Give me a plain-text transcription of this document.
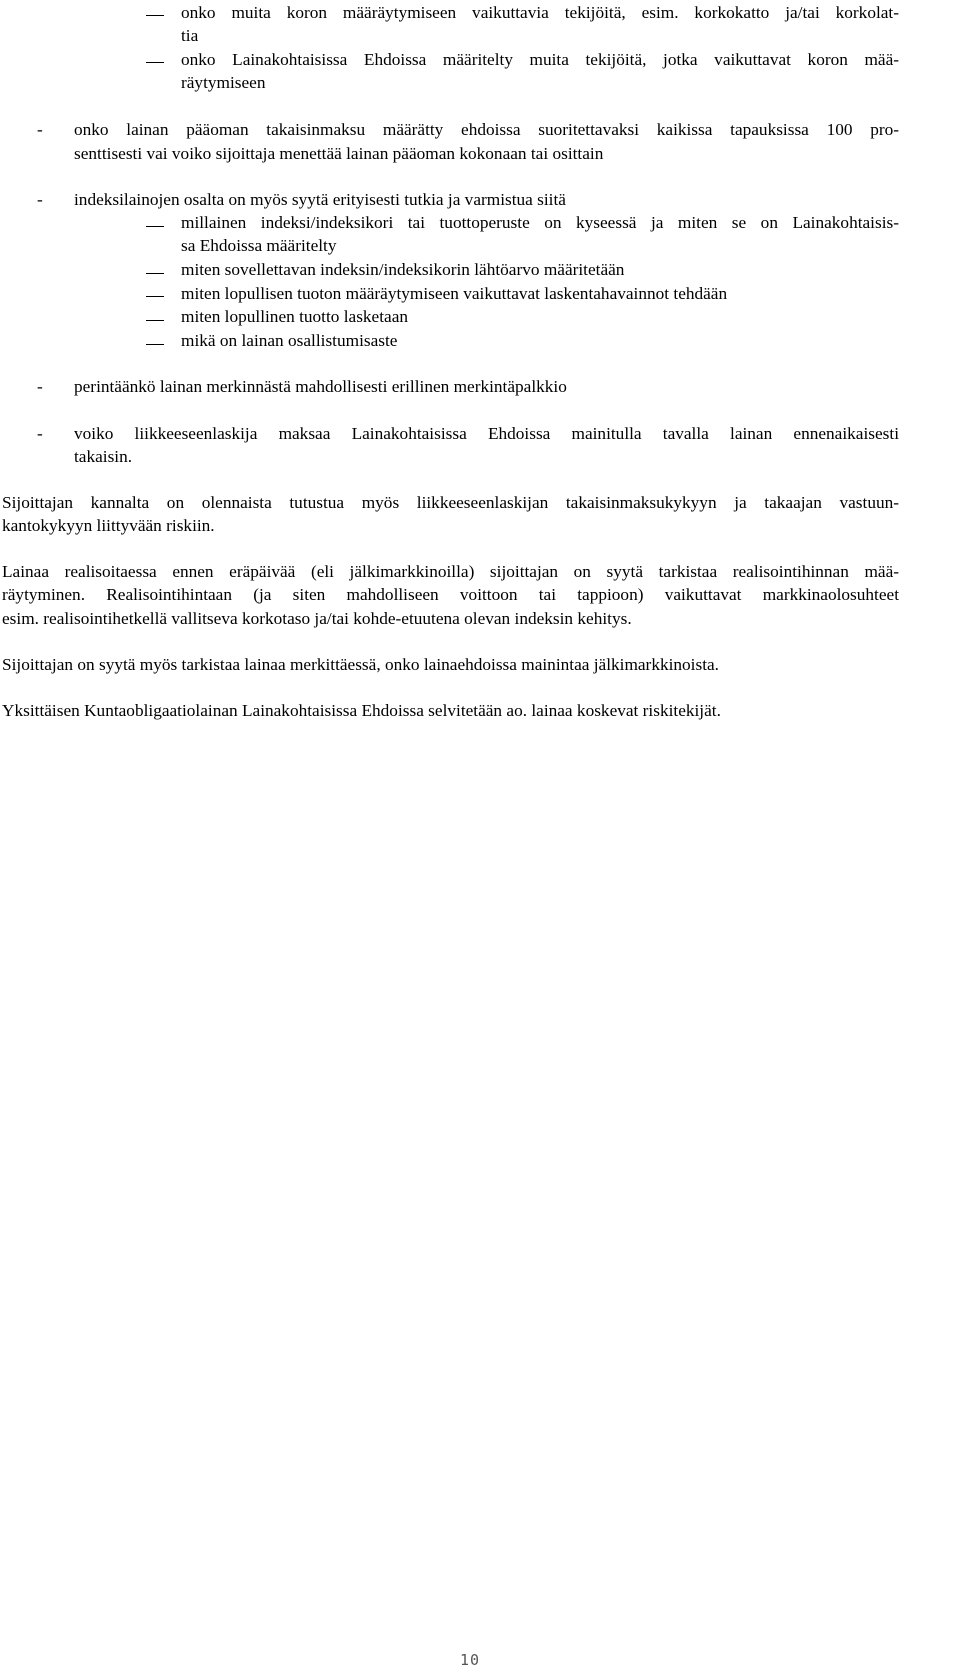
onko muita koron määräytymiseen vaikuttavia tekijöitä, esim. korkokatto ja/tai korkolat-
tia
onko Lainakohtaisissa Ehdoissa määritelty muita tekijöitä, jotka vaikuttavat koron mää-
räytymiseen
- onko lainan pääoman takaisinmaksu määrätty ehdoissa suoritettavaksi kaikissa tapauksissa 100 pro-
senttisesti vai voiko sijoittaja menettää lainan pääoman kokonaan tai osittain
- indeksilainojen osalta on myös syytä erityisesti tutkia ja varmistua siitä
millainen indeksi/indeksikori tai tuottoperuste on kyseessä ja miten se on Lainakohtaisis-
sa Ehdoissa määritelty
miten sovellettavan indeksin/indeksikorin lähtöarvo määritetään
miten lopullisen tuoton määräytymiseen vaikuttavat laskentahavainnot tehdään
miten lopullinen tuotto lasketaan
mikä on lainan osallistumisaste
- perintäänkö lainan merkinnästä mahdollisesti erillinen merkintäpalkkio
- voiko liikkeeseenlaskija maksaa Lainakohtaisissa Ehdoissa mainitulla tavalla lainan ennenaikaisesti
takaisin.
Sijoittajan kannalta on olennaista tutustua myös liikkeeseenlaskijan takaisinmaksukykyyn ja takaajan vastuun-
kantokykyyn liittyvään riskiin.
Lainaa realisoitaessa ennen eräpäivää (eli jälkimarkkinoilla) sijoittajan on syytä tarkistaa realisointihinnan mää-
räytyminen. Realisointihintaan (ja siten mahdolliseen voittoon tai tappioon) vaikuttavat markkinaolosuhteet
esim. realisointihetkellä vallitseva korkotaso ja/tai kohde-etuutena olevan indeksin kehitys.
Sijoittajan on syytä myös tarkistaa lainaa merkittäessä, onko lainaehdoissa mainintaa jälkimarkkinoista.
Yksittäisen Kuntaobligaatiolainan Lainakohtaisissa Ehdoissa selvitetään ao. lainaa koskevat riskitekijät.
10
